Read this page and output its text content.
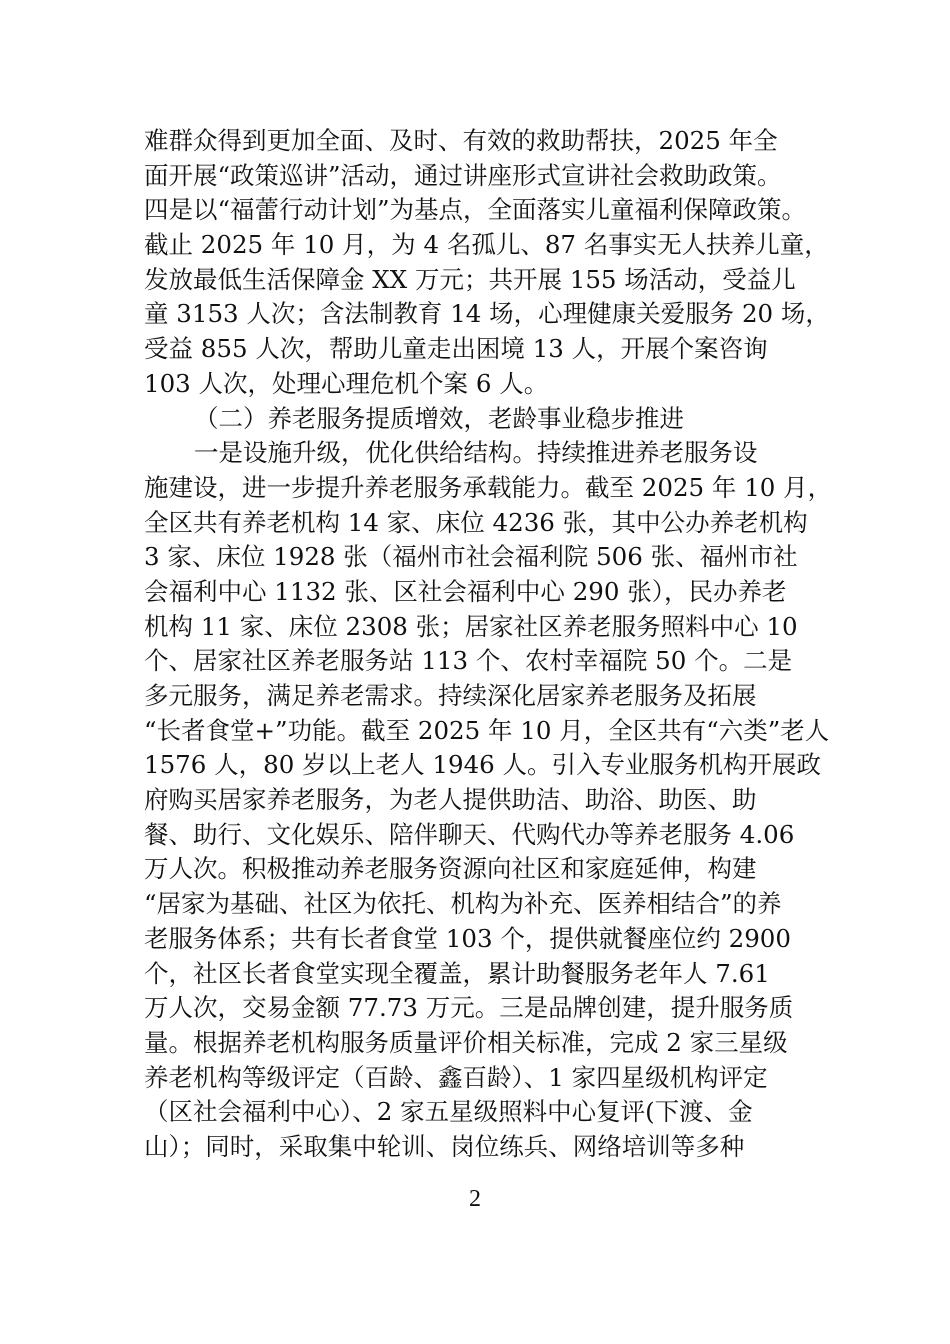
难群众得到更加全面、及时、有效的救助帮扶，2025 年全
面开展“政策巡讲”活动，通过讲座形式宣讲社会救助政策。
四是以“福蕾行动计划”为基点，全面落实儿童福利保障政策。
截止 2025 年 10 月，为 4 名孤儿、87 名事实无人扶养儿童，
发放最低生活保障金 XX 万元；共开展 155 场活动，受益儿
童 3153 人次；含法制教育 14 场，心理健康关爱服务 20 场，
受益 855 人次，帮助儿童走出困境 13 人，开展个案咨询
103 人次，处理心理危机个案 6 人。
（二）养老服务提质增效，老龄事业稳步推进
一是设施升级，优化供给结构。持续推进养老服务设
施建设，进一步提升养老服务承载能力。截至 2025 年 10 月，
全区共有养老机构 14 家、床位 4236 张，其中公办养老机构
3 家、床位 1928 张（福州市社会福利院 506 张、福州市社
会福利中心 1132 张、区社会福利中心 290 张），民办养老
机构 11 家、床位 2308 张；居家社区养老服务照料中心 10
个、居家社区养老服务站 113 个、农村幸福院 50 个。二是
多元服务，满足养老需求。持续深化居家养老服务及拓展
“长者食堂+”功能。截至 2025 年 10 月，全区共有“六类”老人
1576 人，80 岁以上老人 1946 人。引入专业服务机构开展政
府购买居家养老服务，为老人提供助洁、助浴、助医、助
餐、助行、文化娱乐、陪伴聊天、代购代办等养老服务 4.06
万人次。积极推动养老服务资源向社区和家庭延伸，构建
“居家为基础、社区为依托、机构为补充、医养相结合”的养
老服务体系；共有长者食堂 103 个，提供就餐座位约 2900
个，社区长者食堂实现全覆盖，累计助餐服务老年人 7.61
万人次，交易金额 77.73 万元。三是品牌创建，提升服务质
量。根据养老机构服务质量评价相关标准，完成 2 家三星级
养老机构等级评定（百龄、鑫百龄）、1 家四星级机构评定
（区社会福利中心）、2 家五星级照料中心复评(下渡、金
山）；同时，采取集中轮训、岗位练兵、网络培训等多种
2
